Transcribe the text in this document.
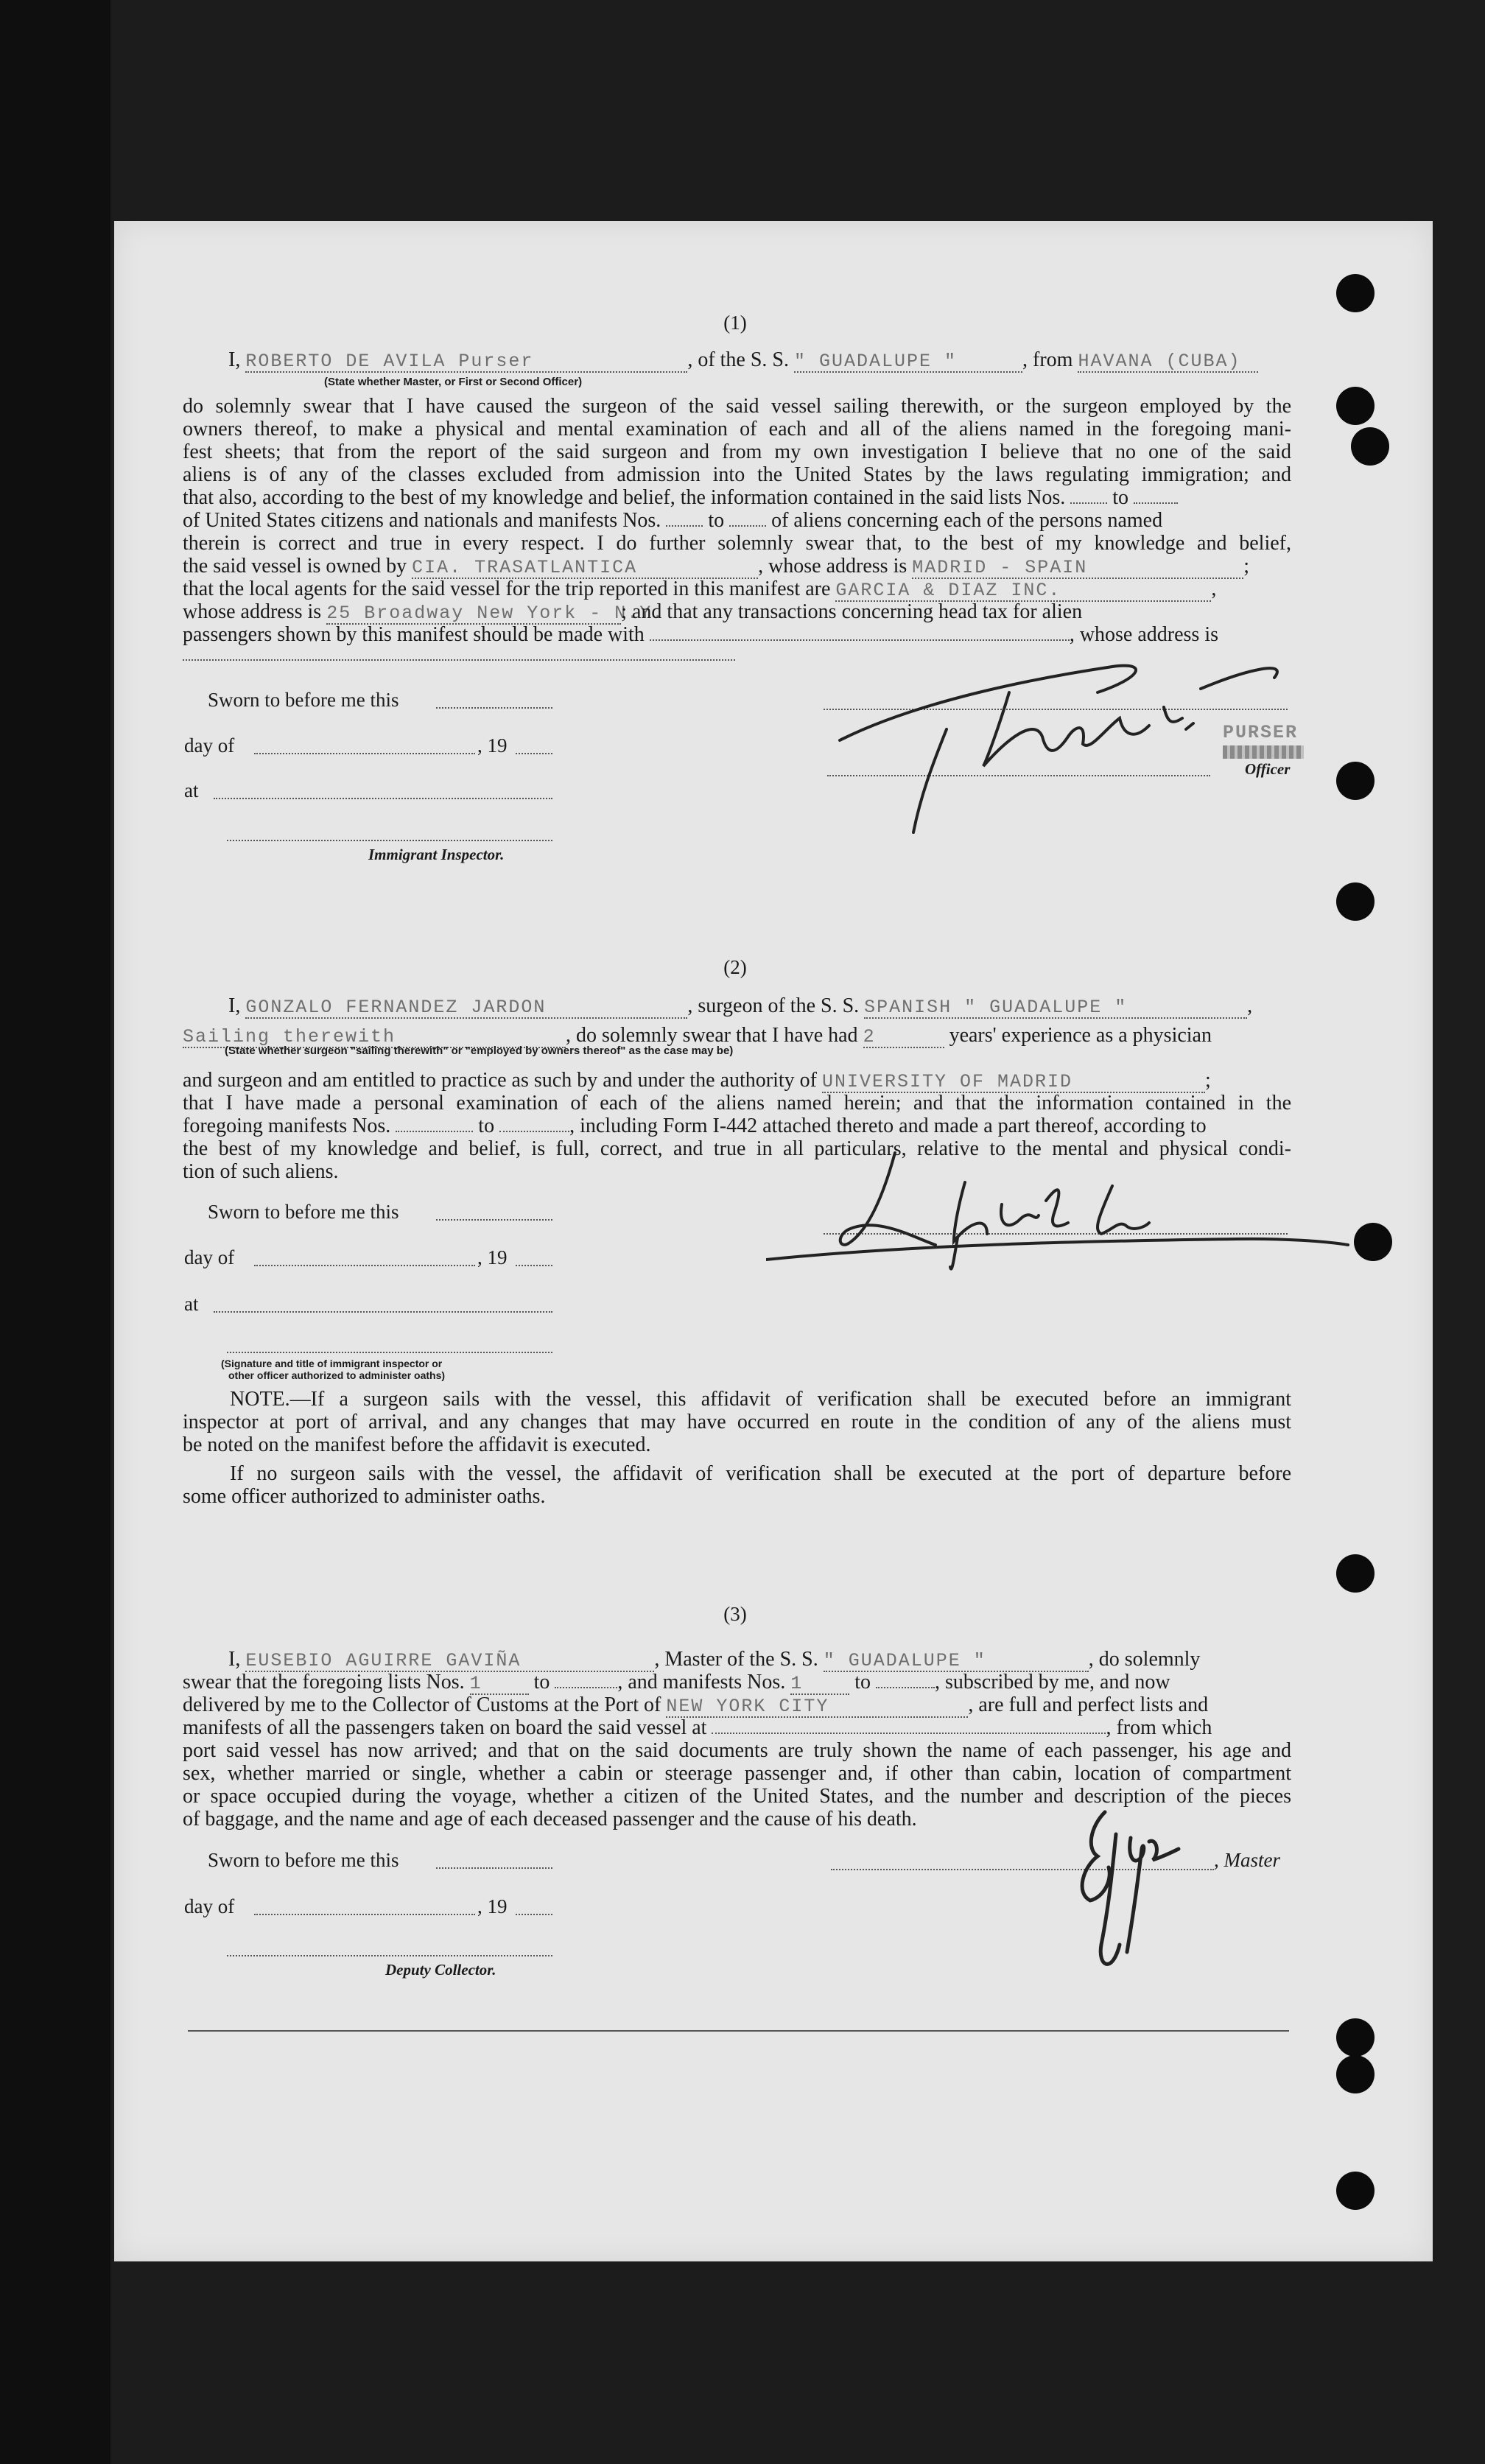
(1)
I, ROBERTO DE AVILA Purser	, of the S. S. " GUADALUPE "	, from HAVANA (CUBA)
(State whether Master, or First or Second Officer)
do solemnly swear that I have caused the surgeon of the said vessel sailing therewith, or the surgeon employed by the
owners thereof, to make a physical and mental examination of each and all of the aliens named in the foregoing mani-
fest sheets; that from the report of the said surgeon and from my own investigation I believe that no one of the said
aliens is of any of the classes excluded from admission into the United States by the laws regulating immigration; and
that also, according to the best of my knowledge and belief, the information contained in the said lists Nos. to
of United States citizens and nationals and manifests Nos. to of aliens concerning each of the persons named
therein is correct and true in every respect. I do further solemnly swear that, to the best of my knowledge and belief,
the said vessel is owned by CIA. TRASATLANTICA	, whose address is MADRID - SPAIN	;
that the local agents for the said vessel for the trip reported in this manifest are GARCIA & DIAZ INC.	,
whose address is 25 Broadway New York - N.Y.; and that any transactions concerning head tax for alien
passengers shown by this manifest should be made with	, whose address is
Sworn to before me this
day of	, 19
at
Immigrant Inspector.
PURSER
Officer
(2)
I, GONZALO FERNANDEZ JARDON	, surgeon of the S. S. SPANISH " GUADALUPE "	,
Sailing therewith	, do solemnly swear that I have had 2	years' experience as a physician
(State whether surgeon "sailing therewith" or "employed by owners thereof" as the case may be)
and surgeon and am entitled to practice as such by and under the authority of UNIVERSITY OF MADRID	;
that I have made a personal examination of each of the aliens named herein; and that the information contained in the
foregoing manifests Nos.	to	, including Form I-442 attached thereto and made a part thereof, according to
the best of my knowledge and belief, is full, correct, and true in all particulars, relative to the mental and physical condi-
tion of such aliens.
Sworn to before me this
day of	, 19
at
(Signature and title of immigrant inspector or
other officer authorized to administer oaths)
NOTE.—If a surgeon sails with the vessel, this affidavit of verification shall be executed before an immigrant
inspector at port of arrival, and any changes that may have occurred en route in the condition of any of the aliens must
be noted on the manifest before the affidavit is executed.
If no surgeon sails with the vessel, the affidavit of verification shall be executed at the port of departure before
some officer authorized to administer oaths.
(3)
I, EUSEBIO AGUIRRE GAVIÑA	, Master of the S. S. " GUADALUPE "	, do solemnly
swear that the foregoing lists Nos. 1 to	, and manifests Nos. 1 to	, subscribed by me, and now
delivered by me to the Collector of Customs at the Port of NEW YORK CITY	, are full and perfect lists and
manifests of all the passengers taken on board the said vessel at	, from which
port said vessel has now arrived; and that on the said documents are truly shown the name of each passenger, his age and
sex, whether married or single, whether a cabin or steerage passenger and, if other than cabin, location of compartment
or space occupied during the voyage, whether a citizen of the United States, and the number and description of the pieces
of baggage, and the name and age of each deceased passenger and the cause of his death.
Sworn to before me this
day of	, 19
Deputy Collector.
, Master
